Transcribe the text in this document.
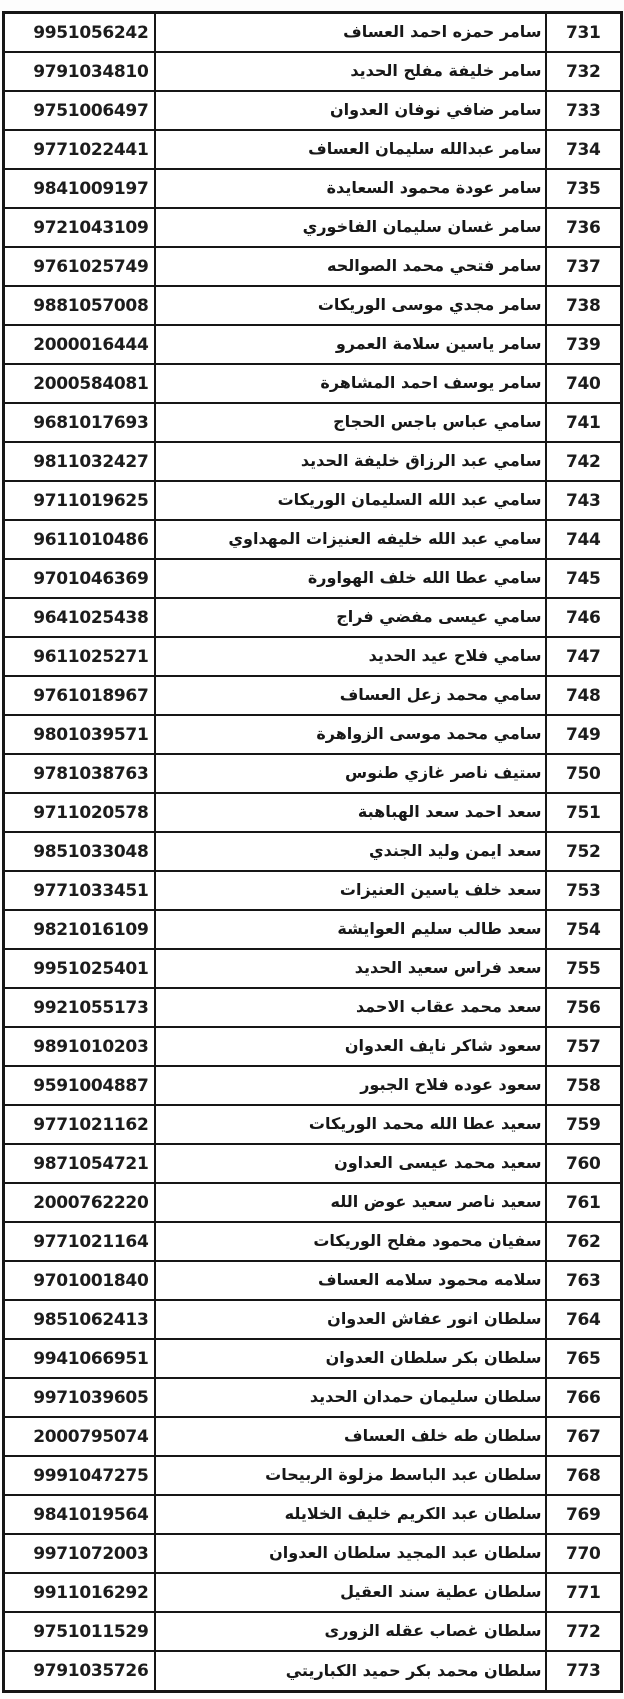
9951056242	سامر حمزه احمد العساف	731
9791034810	سامر خليفة مفلح الحديد	732
9751006497	سامر ضافي نوفان العدوان	733
9771022441	سامر عبدالله سليمان العساف	734
9841009197	سامر عودة محمود السعايدة	735
9721043109	سامر غسان سليمان الفاخوري	736
9761025749	سامر فتحي محمد الصوالحه	737
9881057008	سامر مجدي موسى الوريكات	738
2000016444	سامر ياسين سلامة العمرو	739
2000584081	سامر يوسف احمد المشاهرة	740
9681017693	سامي عباس باجس الحجاج	741
9811032427	سامي عبد الرزاق خليفة الحديد	742
9711019625	سامي عبد الله السليمان الوريكات	743
9611010486	سامي عبد الله خليفه العنيزات المهداوي	744
9701046369	سامي عطا الله خلف الهواورة	745
9641025438	سامي عيسى مفضي فراج	746
9611025271	سامي فلاح عيد الحديد	747
9761018967	سامي محمد زعل العساف	748
9801039571	سامي محمد موسى الزواهرة	749
9781038763	ستيف ناصر غازي طنوس	750
9711020578	سعد احمد سعد الهباهبة	751
9851033048	سعد ايمن وليد الجندي	752
9771033451	سعد خلف ياسين العنيزات	753
9821016109	سعد طالب سليم العوايشة	754
9951025401	سعد فراس سعيد الحديد	755
9921055173	سعد محمد عقاب الاحمد	756
9891010203	سعود شاكر نايف العدوان	757
9591004887	سعود عوده فلاح الجبور	758
9771021162	سعيد عطا الله محمد الوريكات	759
9871054721	سعيد محمد عيسى العداون	760
2000762220	سعيد ناصر سعيد عوض الله	761
9771021164	سفيان محمود مفلح الوريكات	762
9701001840	سلامه محمود سلامه العساف	763
9851062413	سلطان انور عفاش العدوان	764
9941066951	سلطان بكر سلطان العدوان	765
9971039605	سلطان سليمان حمدان الحديد	766
2000795074	سلطان طه خلف العساف	767
9991047275	سلطان عبد الباسط مزلوة الربيحات	768
9841019564	سلطان عبد الكريم خليف الخلايله	769
9971072003	سلطان عبد المجيد سلطان العدوان	770
9911016292	سلطان عطية سند العقيل	771
9751011529	سلطان غصاب عقله الزورى	772
9791035726	سلطان محمد بكر حميد الكباريتي	773
